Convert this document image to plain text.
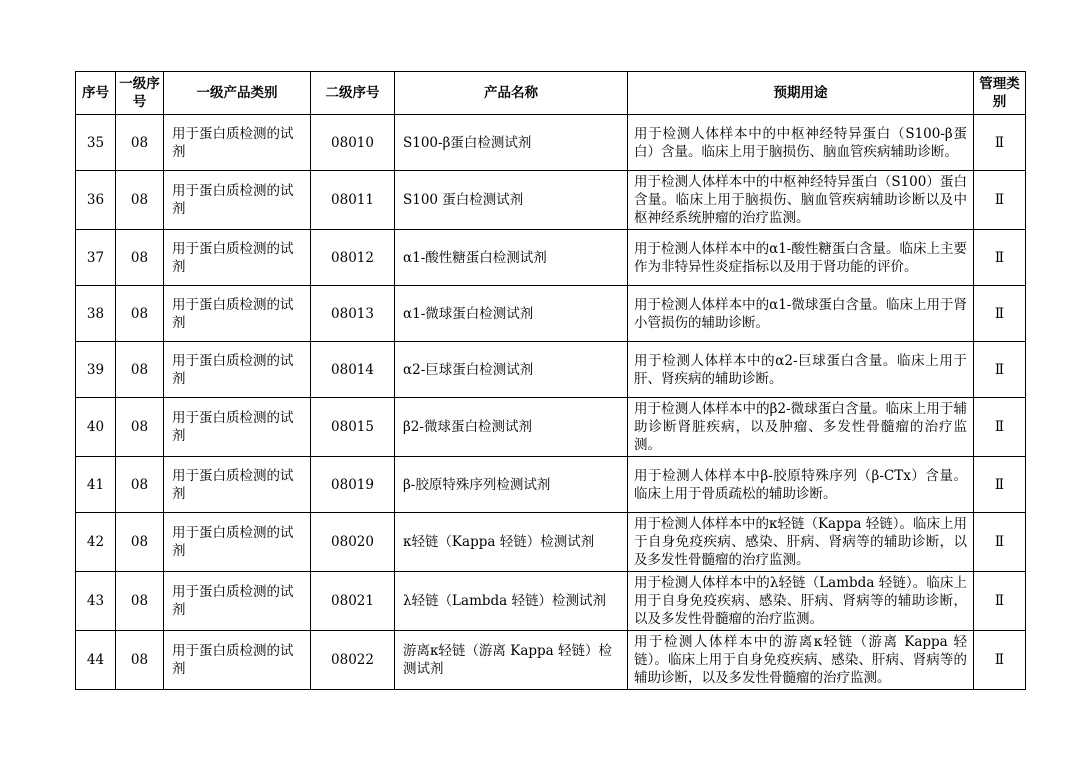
序号	一级序号	一级产品类别	二级序号	产品名称	预期用途	管理类别
35	08	用于蛋白质检测的试剂	08010	S100-β蛋白检测试剂	用于检测人体样本中的中枢神经特异蛋白（S100-β蛋白）含量。临床上用于脑损伤、脑血管疾病辅助诊断。	Ⅱ
36	08	用于蛋白质检测的试剂	08011	S100 蛋白检测试剂	用于检测人体样本中的中枢神经特异蛋白（S100）蛋白含量。临床上用于脑损伤、脑血管疾病辅助诊断以及中枢神经系统肿瘤的治疗监测。	Ⅱ
37	08	用于蛋白质检测的试剂	08012	α1-酸性糖蛋白检测试剂	用于检测人体样本中的α1-酸性糖蛋白含量。临床上主要作为非特异性炎症指标以及用于肾功能的评价。	Ⅱ
38	08	用于蛋白质检测的试剂	08013	α1-微球蛋白检测试剂	用于检测人体样本中的α1-微球蛋白含量。临床上用于肾小管损伤的辅助诊断。	Ⅱ
39	08	用于蛋白质检测的试剂	08014	α2-巨球蛋白检测试剂	用于检测人体样本中的α2-巨球蛋白含量。临床上用于肝、肾疾病的辅助诊断。	Ⅱ
40	08	用于蛋白质检测的试剂	08015	β2-微球蛋白检测试剂	用于检测人体样本中的β2-微球蛋白含量。临床上用于辅助诊断肾脏疾病，以及肿瘤、多发性骨髓瘤的治疗监测。	Ⅱ
41	08	用于蛋白质检测的试剂	08019	β-胶原特殊序列检测试剂	用于检测人体样本中β-胶原特殊序列（β-CTx）含量。临床上用于骨质疏松的辅助诊断。	Ⅱ
42	08	用于蛋白质检测的试剂	08020	κ轻链（Kappa 轻链）检测试剂	用于检测人体样本中的κ轻链（Kappa 轻链）。临床上用于自身免疫疾病、感染、肝病、肾病等的辅助诊断，以及多发性骨髓瘤的治疗监测。	Ⅱ
43	08	用于蛋白质检测的试剂	08021	λ轻链（Lambda 轻链）检测试剂	用于检测人体样本中的λ轻链（Lambda 轻链）。临床上用于自身免疫疾病、感染、肝病、肾病等的辅助诊断，以及多发性骨髓瘤的治疗监测。	Ⅱ
44	08	用于蛋白质检测的试剂	08022	游离κ轻链（游离 Kappa 轻链）检测试剂	用于检测人体样本中的游离κ轻链（游离 Kappa 轻链）。临床上用于自身免疫疾病、感染、肝病、肾病等的辅助诊断，以及多发性骨髓瘤的治疗监测。	Ⅱ
